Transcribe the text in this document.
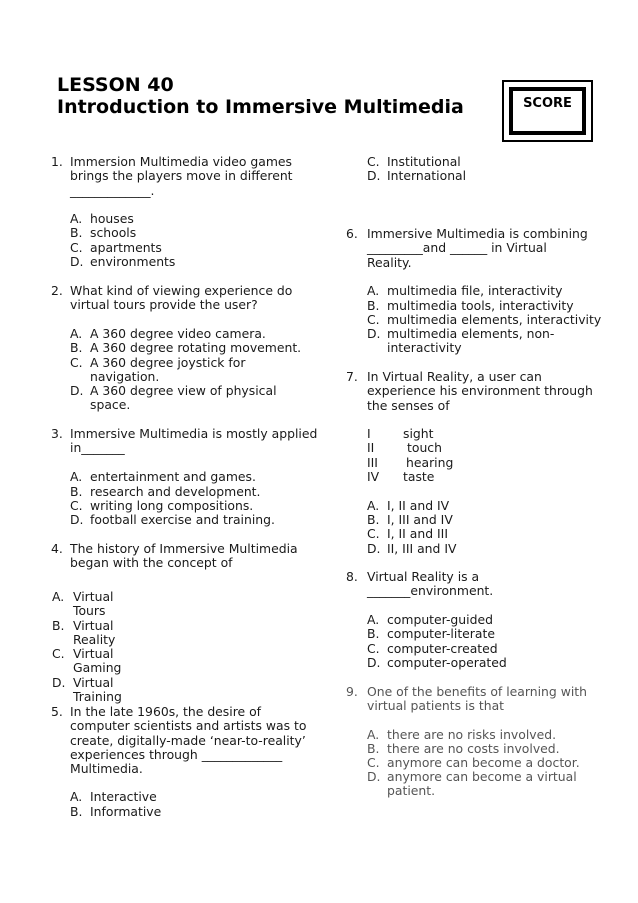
LESSON 40
Introduction to Immersive Multimedia	SCORE
1. Immersion Multimedia video games
brings the players move in different
_____________.
A. houses
B. schools
C. apartments
D. environments
2. What kind of viewing experience do
virtual tours provide the user?
A. A 360 degree video camera.
B. A 360 degree rotating movement.
C. A 360 degree joystick for
navigation.
D. A 360 degree view of physical
space.
3. Immersive Multimedia is mostly applied
in_______
A. entertainment and games.
B. research and development.
C. writing long compositions.
D. football exercise and training.
4. The history of Immersive Multimedia
began with the concept of
A. Virtual
Tours
B. Virtual
Reality
C. Virtual
Gaming
D. Virtual
Training
5. In the late 1960s, the desire of
computer scientists and artists was to
create, digitally-made ‘near-to-reality’
experiences through _____________
Multimedia.
A. Interactive
B. Informative
C. Institutional
D. International
6. Immersive Multimedia is combining
_________and ______ in Virtual
Reality.
A. multimedia file, interactivity
B. multimedia tools, interactivity
C. multimedia elements, interactivity
D. multimedia elements, non-
interactivity
7. In Virtual Reality, a user can
experience his environment through
the senses of
A. I, II and IV
B. I, III and IV
C. I, II and III
D. II, III and IV
I	sight
II	touch
III hearing
IV taste
8. Virtual Reality is a
_______environment.
A. computer-guided
B. computer-literate
C. computer-created
D. computer-operated
9. One of the benefits of learning with
virtual patients is that
A. there are no risks involved.
B. there are no costs involved.
C. anymore can become a doctor.
D. anymore can become a virtual
patient.
